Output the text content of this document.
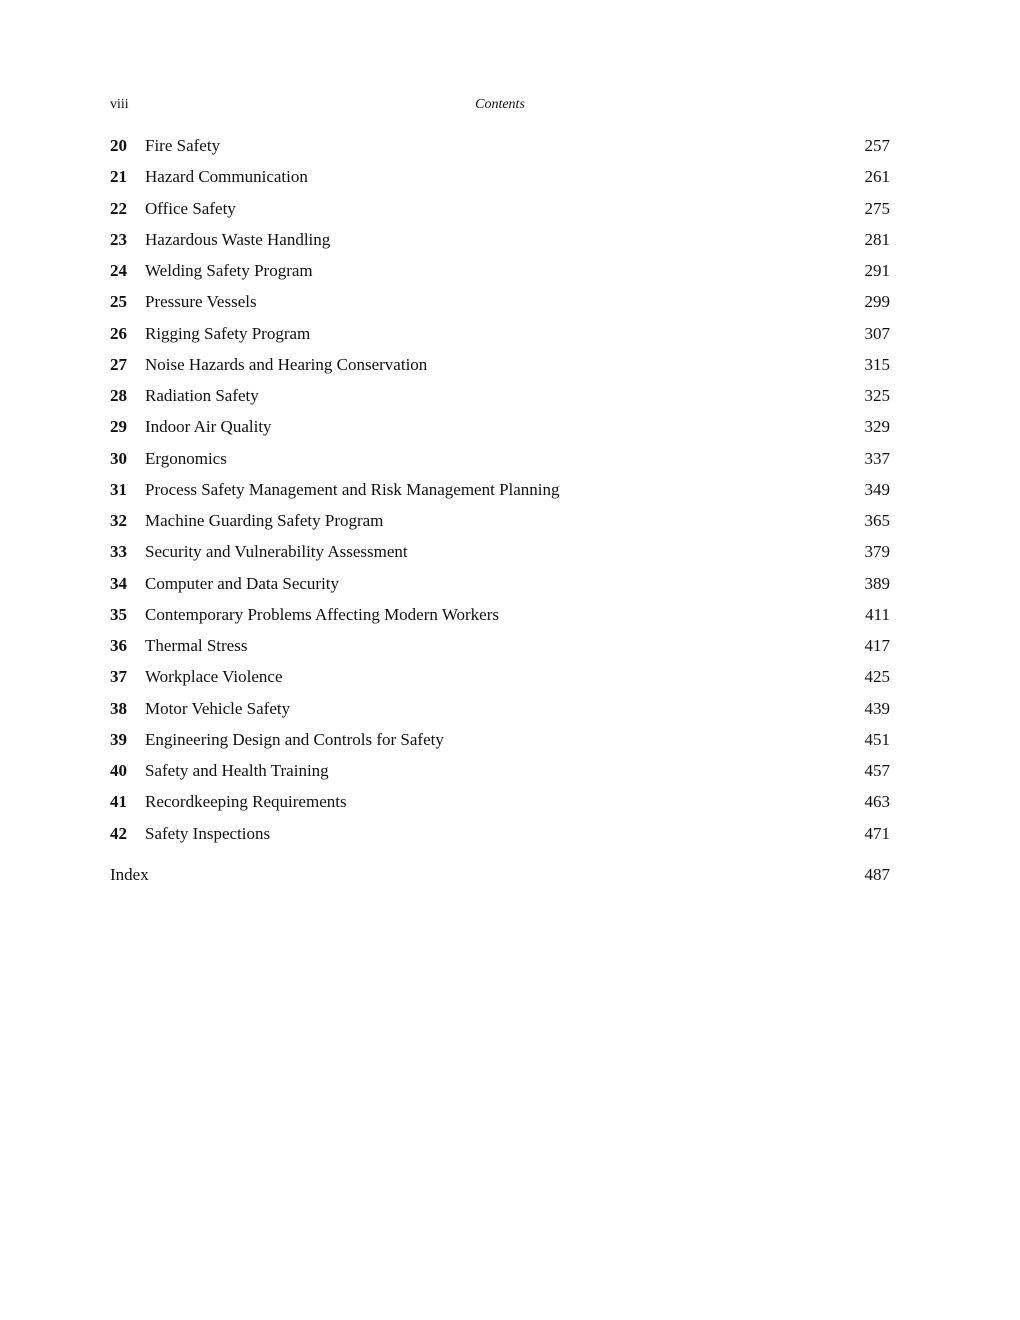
viii	Contents
20 Fire Safety	257
21 Hazard Communication	261
22 Office Safety	275
23 Hazardous Waste Handling	281
24 Welding Safety Program	291
25 Pressure Vessels	299
26 Rigging Safety Program	307
27 Noise Hazards and Hearing Conservation	315
28 Radiation Safety	325
29 Indoor Air Quality	329
30 Ergonomics	337
31 Process Safety Management and Risk Management Planning	349
32 Machine Guarding Safety Program	365
33 Security and Vulnerability Assessment	379
34 Computer and Data Security	389
35 Contemporary Problems Affecting Modern Workers	411
36 Thermal Stress	417
37 Workplace Violence	425
38 Motor Vehicle Safety	439
39 Engineering Design and Controls for Safety	451
40 Safety and Health Training	457
41 Recordkeeping Requirements	463
42 Safety Inspections	471
Index	487
